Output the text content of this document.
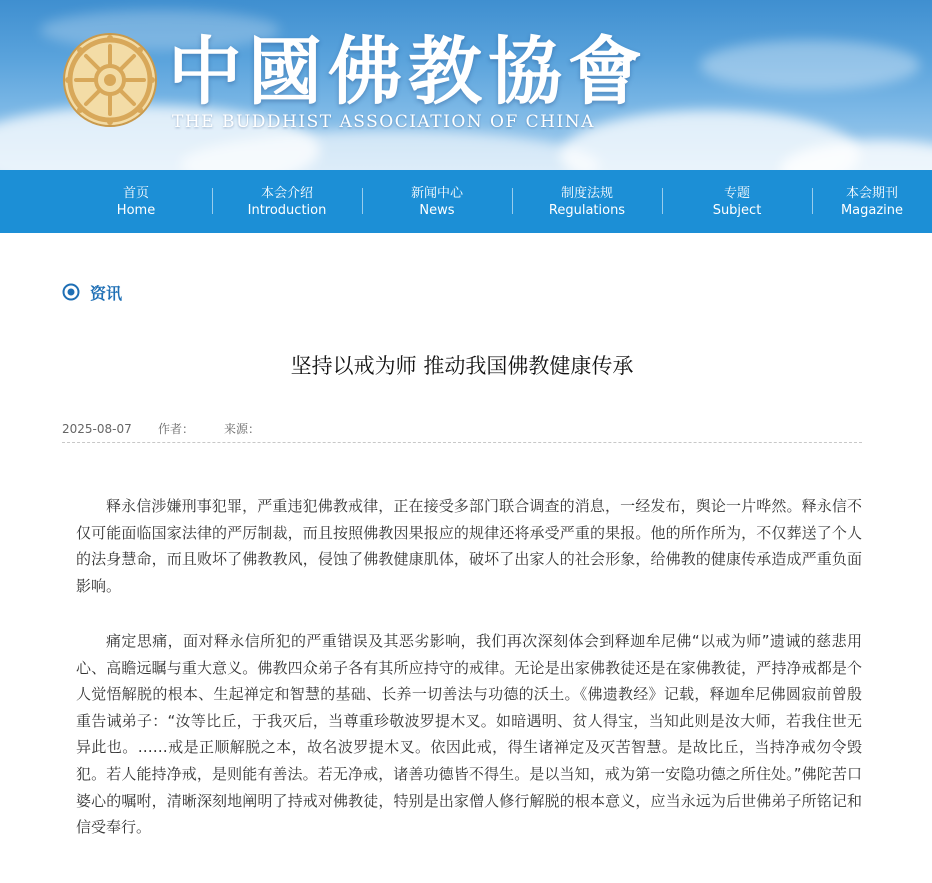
中國佛教協會
THE BUDDHIST ASSOCIATION OF CHINA
首页
Home
本会介绍
Introduction
新闻中心
News
制度法规
Regulations
专题
Subject
本会期刊
Magazine
资讯
坚持以戒为师 推动我国佛教健康传承
2025-08-07 作者： 来源：

释永信涉嫌刑事犯罪，严重违犯佛教戒律，正在接受多部门联合调查的消息，一经发布，舆论一片哗然。释永信不仅可能面临国家法律的严厉制裁，而且按照佛教因果报应的规律还将承受严重的果报。他的所作所为，不仅葬送了个人的法身慧命，而且败坏了佛教教风，侵蚀了佛教健康肌体，破坏了出家人的社会形象，给佛教的健康传承造成严重负面影响。

痛定思痛，面对释永信所犯的严重错误及其恶劣影响，我们再次深刻体会到释迦牟尼佛“以戒为师”遗诫的慈悲用心、高瞻远瞩与重大意义。佛教四众弟子各有其所应持守的戒律。无论是出家佛教徒还是在家佛教徒，严持净戒都是个人觉悟解脱的根本、生起禅定和智慧的基础、长养一切善法与功德的沃土。《佛遗教经》记载，释迦牟尼佛圆寂前曾殷重告诫弟子：“汝等比丘，于我灭后，当尊重珍敬波罗提木叉。如暗遇明、贫人得宝，当知此则是汝大师，若我住世无异此也。……戒是正顺解脱之本，故名波罗提木叉。依因此戒，得生诸禅定及灭苦智慧。是故比丘，当持净戒勿令毁犯。若人能持净戒，是则能有善法。若无净戒，诸善功德皆不得生。是以当知，戒为第一安隐功德之所住处。”佛陀苦口婆心的嘱咐，清晰深刻地阐明了持戒对佛教徒，特别是出家僧人修行解脱的根本意义，应当永远为后世佛弟子所铭记和信受奉行。
